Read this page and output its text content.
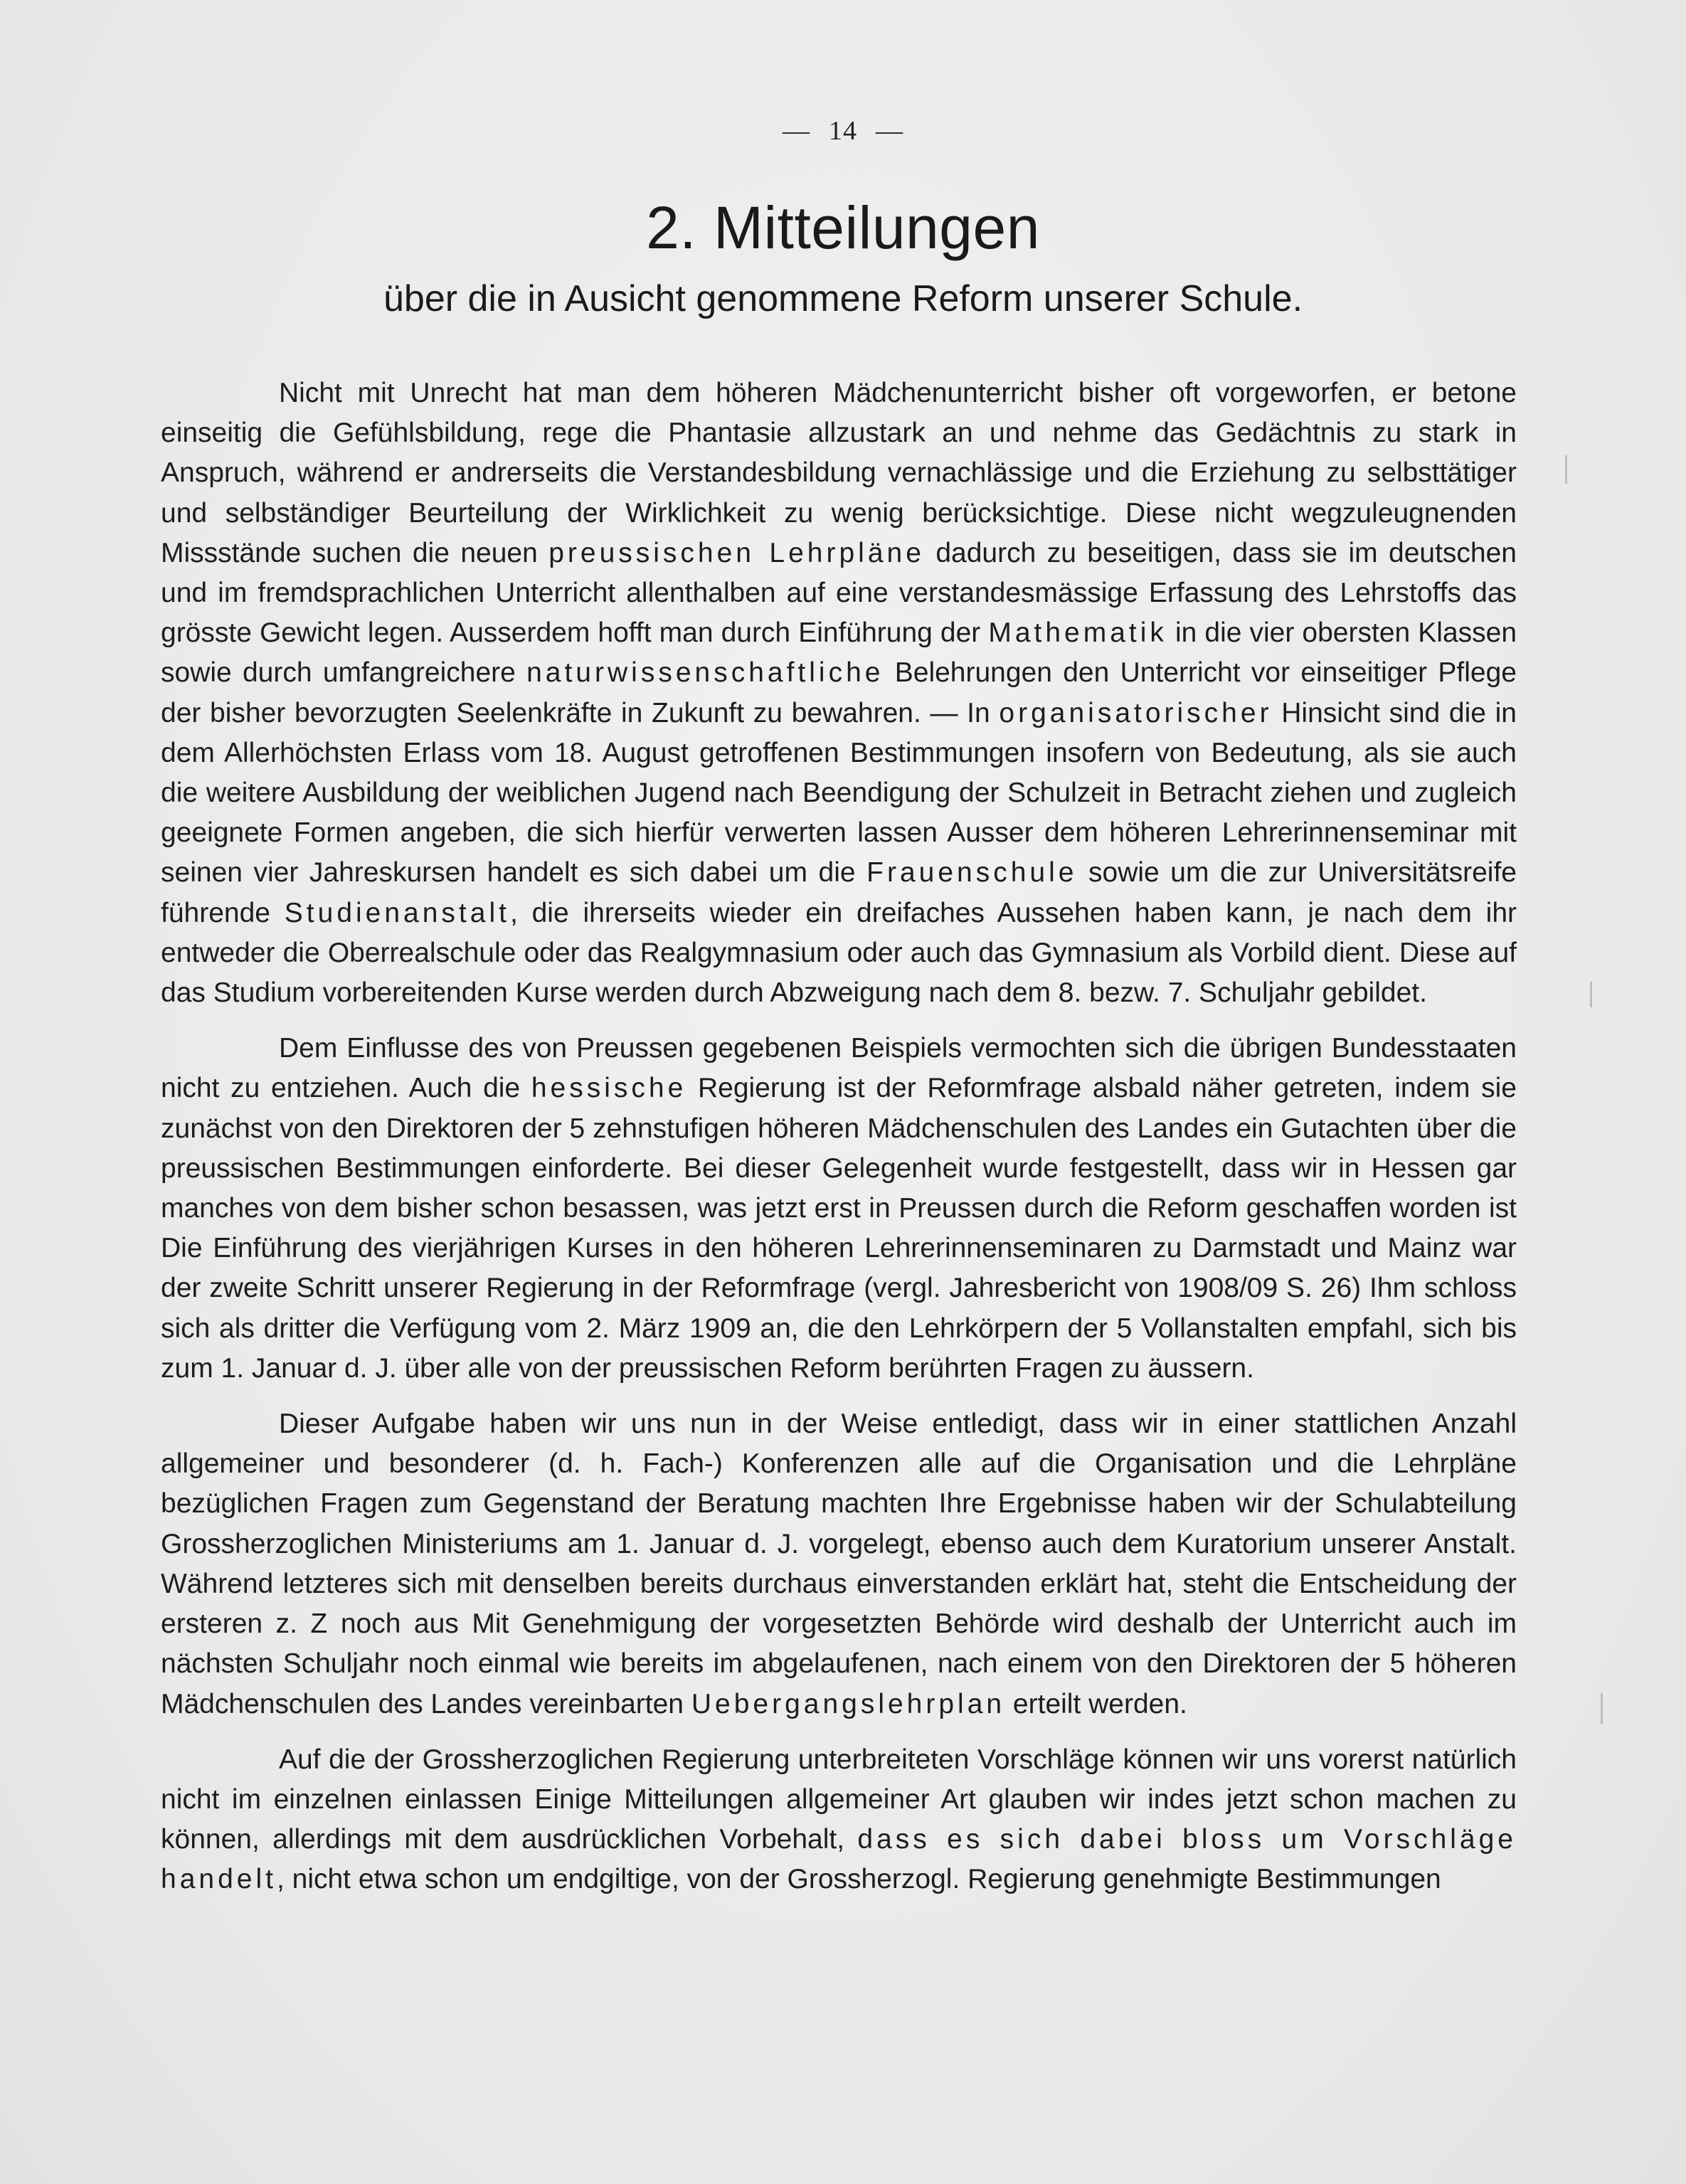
— 14 —
2. Mitteilungen
über die in Ausicht genommene Reform unserer Schule.

Nicht mit Unrecht hat man dem höheren Mädchenunterricht bisher oft vorgeworfen, er betone einseitig die Gefühlsbildung, rege die Phantasie allzustark an und nehme das Gedächtnis zu stark in Anspruch, während er andrerseits die Verstandesbildung vernachlässige und die Erziehung zu selbsttätiger und selbständiger Beurteilung der Wirklichkeit zu wenig berücksichtige. Diese nicht wegzuleugnenden Missstände suchen die neuen preussischen Lehrpläne dadurch zu beseitigen, dass sie im deutschen und im fremdsprachlichen Unterricht allenthalben auf eine verstandesmässige Erfassung des Lehrstoffs das grösste Gewicht legen. Ausserdem hofft man durch Einführung der Mathematik in die vier obersten Klassen sowie durch umfangreichere naturwissenschaftliche Belehrungen den Unterricht vor einseitiger Pflege der bisher bevorzugten Seelenkräfte in Zukunft zu bewahren. — In organisatorischer Hinsicht sind die in dem Allerhöchsten Erlass vom 18. August getroffenen Bestimmungen insofern von Bedeutung, als sie auch die weitere Ausbildung der weiblichen Jugend nach Beendigung der Schulzeit in Betracht ziehen und zugleich geeignete Formen angeben, die sich hierfür verwerten lassen Ausser dem höheren Lehrerinnenseminar mit seinen vier Jahreskursen handelt es sich dabei um die Frauenschule sowie um die zur Universitätsreife führende Studienanstalt, die ihrerseits wieder ein dreifaches Aussehen haben kann, je nach dem ihr entweder die Oberrealschule oder das Realgymnasium oder auch das Gymnasium als Vorbild dient. Diese auf das Studium vorbereitenden Kurse werden durch Abzweigung nach dem 8. bezw. 7. Schuljahr gebildet.

Dem Einflusse des von Preussen gegebenen Beispiels vermochten sich die übrigen Bundesstaaten nicht zu entziehen. Auch die hessische Regierung ist der Reformfrage alsbald näher getreten, indem sie zunächst von den Direktoren der 5 zehnstufigen höheren Mädchenschulen des Landes ein Gutachten über die preussischen Bestimmungen einforderte. Bei dieser Gelegenheit wurde festgestellt, dass wir in Hessen gar manches von dem bisher schon besassen, was jetzt erst in Preussen durch die Reform geschaffen worden ist Die Einführung des vierjährigen Kurses in den höheren Lehrerinnenseminaren zu Darmstadt und Mainz war der zweite Schritt unserer Regierung in der Reformfrage (vergl. Jahresbericht von 1908/09 S. 26) Ihm schloss sich als dritter die Verfügung vom 2. März 1909 an, die den Lehrkörpern der 5 Vollanstalten empfahl, sich bis zum 1. Januar d. J. über alle von der preussischen Reform berührten Fragen zu äussern.

Dieser Aufgabe haben wir uns nun in der Weise entledigt, dass wir in einer stattlichen Anzahl allgemeiner und besonderer (d. h. Fach-) Konferenzen alle auf die Organisation und die Lehrpläne bezüglichen Fragen zum Gegenstand der Beratung machten Ihre Ergebnisse haben wir der Schulabteilung Grossherzoglichen Ministeriums am 1. Januar d. J. vorgelegt, ebenso auch dem Kuratorium unserer Anstalt. Während letzteres sich mit denselben bereits durchaus einverstanden erklärt hat, steht die Entscheidung der ersteren z. Z noch aus Mit Genehmigung der vorgesetzten Behörde wird deshalb der Unterricht auch im nächsten Schuljahr noch einmal wie bereits im abgelaufenen, nach einem von den Direktoren der 5 höheren Mädchenschulen des Landes vereinbarten Uebergangslehrplan erteilt werden.

Auf die der Grossherzoglichen Regierung unterbreiteten Vorschläge können wir uns vorerst natürlich nicht im einzelnen einlassen Einige Mitteilungen allgemeiner Art glauben wir indes jetzt schon machen zu können, allerdings mit dem ausdrücklichen Vorbehalt, dass es sich dabei bloss um Vorschläge handelt, nicht etwa schon um endgiltige, von der Grossherzogl. Regierung genehmigte Bestimmungen
